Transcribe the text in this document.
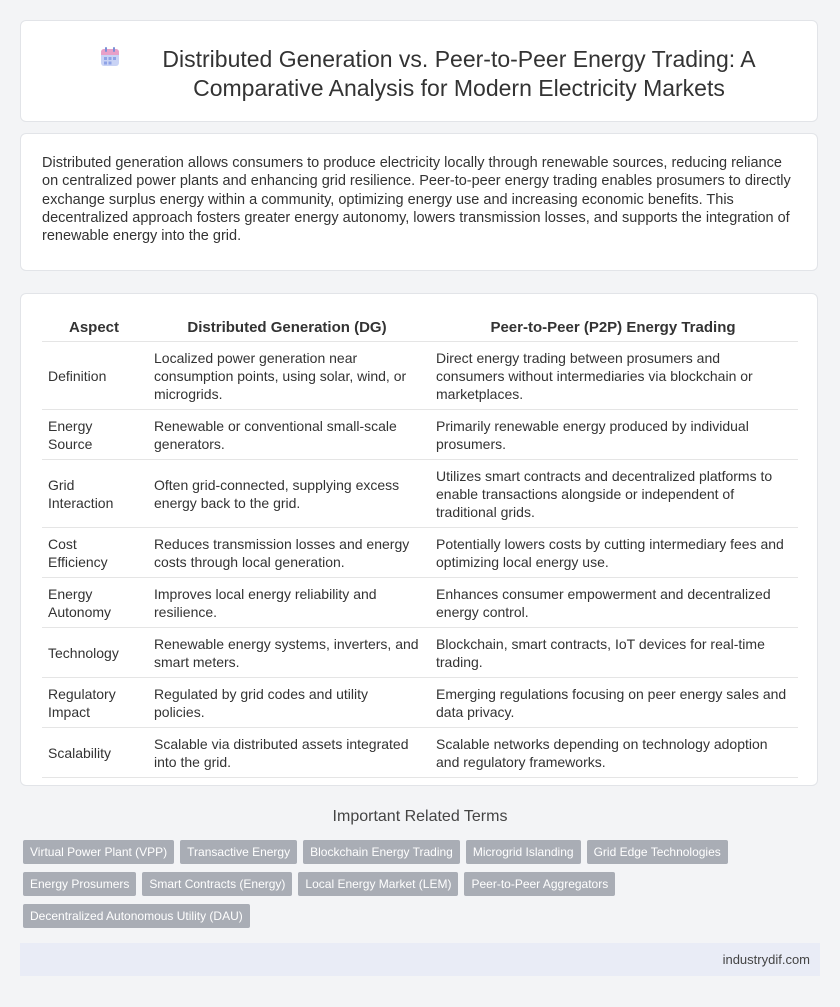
Distributed Generation vs. Peer-to-Peer Energy Trading: A Comparative Analysis for Modern Electricity Markets
Distributed generation allows consumers to produce electricity locally through renewable sources, reducing reliance on centralized power plants and enhancing grid resilience. Peer-to-peer energy trading enables prosumers to directly exchange surplus energy within a community, optimizing energy use and increasing economic benefits. This decentralized approach fosters greater energy autonomy, lowers transmission losses, and supports the integration of renewable energy into the grid.
Aspect	Distributed Generation (DG)	Peer-to-Peer (P2P) Energy Trading
Definition	Localized power generation near consumption points, using solar, wind, or microgrids.	Direct energy trading between prosumers and consumers without intermediaries via blockchain or marketplaces.
Energy Source	Renewable or conventional small-scale generators.	Primarily renewable energy produced by individual prosumers.
Grid Interaction	Often grid-connected, supplying excess energy back to the grid.	Utilizes smart contracts and decentralized platforms to enable transactions alongside or independent of traditional grids.
Cost Efficiency	Reduces transmission losses and energy costs through local generation.	Potentially lowers costs by cutting intermediary fees and optimizing local energy use.
Energy Autonomy	Improves local energy reliability and resilience.	Enhances consumer empowerment and decentralized energy control.
Technology	Renewable energy systems, inverters, and smart meters.	Blockchain, smart contracts, IoT devices for real-time trading.
Regulatory Impact	Regulated by grid codes and utility policies.	Emerging regulations focusing on peer energy sales and data privacy.
Scalability	Scalable via distributed assets integrated into the grid.	Scalable networks depending on technology adoption and regulatory frameworks.
Important Related Terms
Virtual Power Plant (VPP) Transactive Energy Blockchain Energy Trading Microgrid Islanding Grid Edge Technologies
Energy Prosumers Smart Contracts (Energy) Local Energy Market (LEM) Peer-to-Peer Aggregators
Decentralized Autonomous Utility (DAU)
industrydif.com
